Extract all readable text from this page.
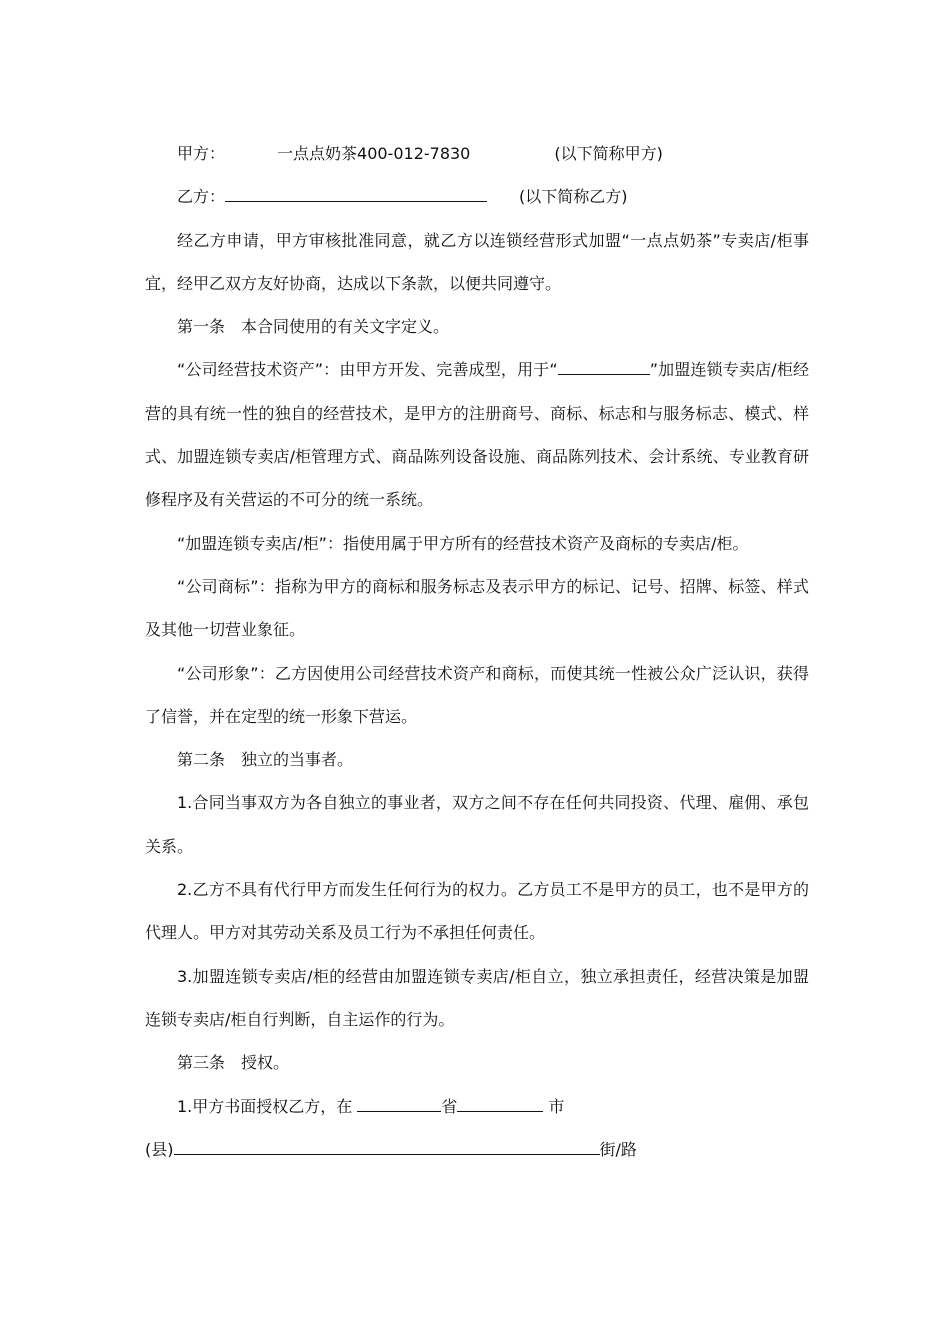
甲方：	一点点奶茶400-012-7830	(以下简称甲方)
乙方：	(以下简称乙方)

经乙方申请，甲方审核批准同意，就乙方以连锁经营形式加盟“一点点奶茶”专卖店/柜事宜，经甲乙双方友好协商，达成以下条款，以便共同遵守。

第一条　本合同使用的有关文字定义。

“公司经营技术资产”：由甲方开发、完善成型，用于“	”加盟连锁专卖店/柜经营的具有统一性的独自的经营技术，是甲方的注册商号、商标、标志和与服务标志、模式、样式、加盟连锁专卖店/柜管理方式、商品陈列设备设施、商品陈列技术、会计系统、专业教育研修程序及有关营运的不可分的统一系统。

“加盟连锁专卖店/柜”：指使用属于甲方所有的经营技术资产及商标的专卖店/柜。

“公司商标”：指称为甲方的商标和服务标志及表示甲方的标记、记号、招牌、标签、样式及其他一切营业象征。

“公司形象”：乙方因使用公司经营技术资产和商标，而使其统一性被公众广泛认识，获得了信誉，并在定型的统一形象下营运。

第二条　独立的当事者。

1.合同当事双方为各自独立的事业者，双方之间不存在任何共同投资、代理、雇佣、承包关系。

2.乙方不具有代行甲方而发生任何行为的权力。乙方员工不是甲方的员工，也不是甲方的代理人。甲方对其劳动关系及员工行为不承担任何责任。

3.加盟连锁专卖店/柜的经营由加盟连锁专卖店/柜自立，独立承担责任，经营决策是加盟连锁专卖店/柜自行判断，自主运作的行为。

第三条　授权。

1.甲方书面授权乙方，在	省	市

(县)	街/路
